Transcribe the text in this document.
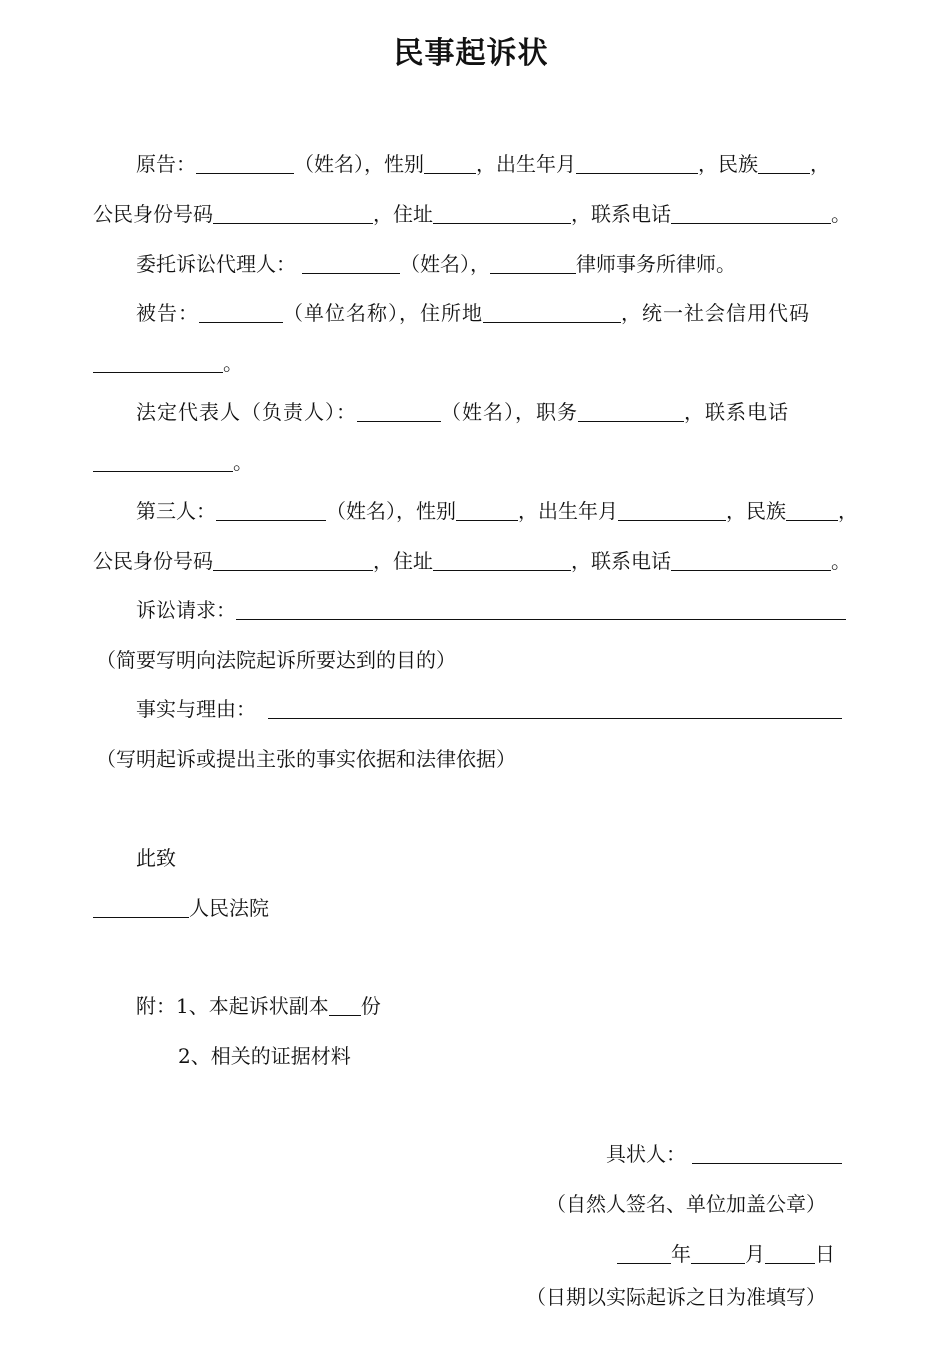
民事起诉状
原告：	（姓名），性别	，出生年月	，民族	，
公民身份号码	，住址	，联系电话	。
委托诉讼代理人：	（姓名），	律师事务所律师。
被告：	（单位名称），住所地	，统一社会信用代码
。
法定代表人（负责人）：	（姓名），职务	，联系电话
。
第三人：	（姓名），性别	，出生年月	，民族	，
公民身份号码	，住址	，联系电话	。
诉讼请求：
（简要写明向法院起诉所要达到的目的）
事实与理由：
（写明起诉或提出主张的事实依据和法律依据）
此致
人民法院
附：1、本起诉状副本 份
2、相关的证据材料
具状人：
（自然人签名、单位加盖公章）
年	月	日
（日期以实际起诉之日为准填写）
